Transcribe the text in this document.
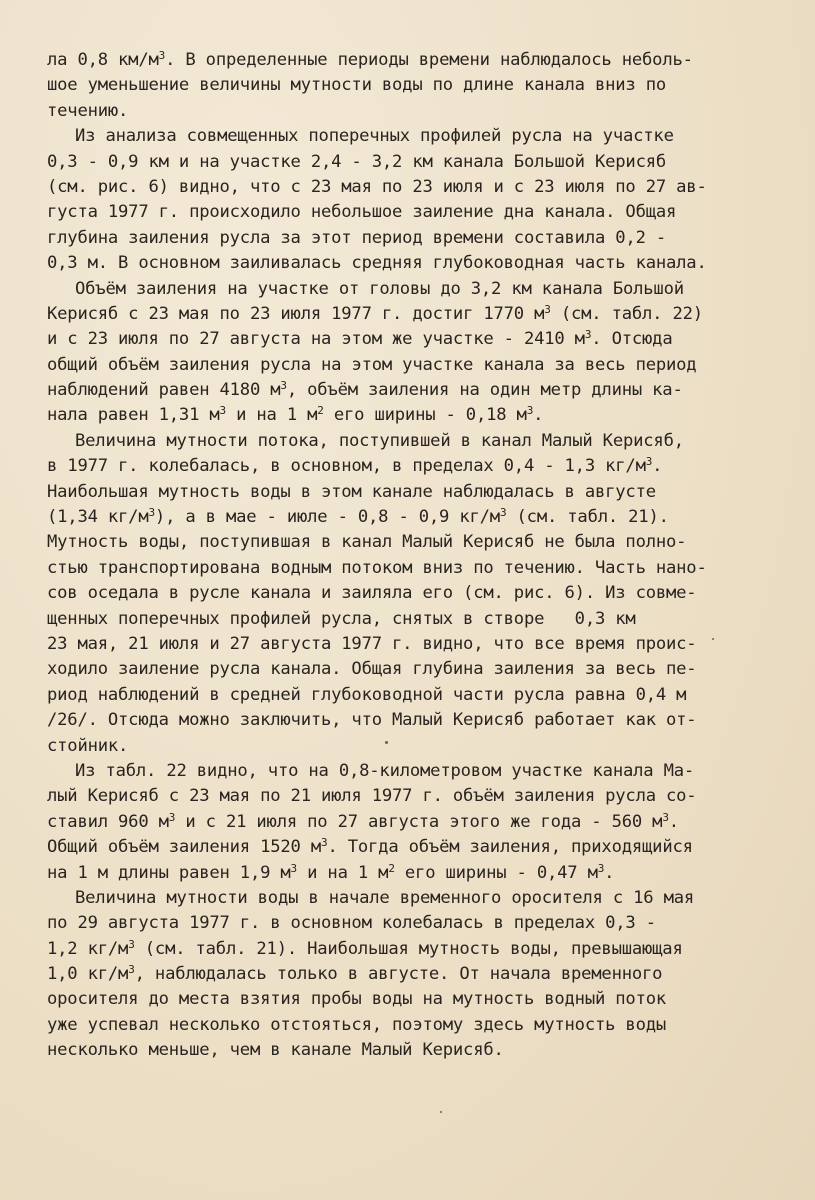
ла 0,8 $км/м^3$. В определенные периоды времени наблюдалось неболь-
шое уменьшение величины мутности воды по длине канала вниз по
течению.
Из анализа совмещенных поперечных профилей русла на участке
0,3 - 0,9 км и на участке 2,4 - 3,2 км канала Большой Керисяб
(см. рис. 6) видно, что с 23 мая по 23 июля и с 23 июля по 27 ав-
густа 1977 г. происходило небольшое заиление дна канала. Общая
глубина заиления русла за этот период времени составила 0,2 -
0,3 м. В основном заиливалась средняя глубоководная часть канала.
Объём заиления на участке от головы до 3,2 км канала Большой
Керисяб с 23 мая по 23 июля 1977 г. достиг 1770 $м^3$ (см. табл. 22)
и с 23 июля по 27 августа на этом же участке - 2410 $м^3$. Отсюда
общий объём заиления русла на этом участке канала за весь период
наблюдений равен 4180 $м^3$, объём заиления на один метр длины ка-
нала равен 1,31 $м^3$ и на 1 $м^2$ его ширины - 0,18 $м^3$.
Величина мутности потока, поступившей в канал Малый Керисяб,
в 1977 г. колебалась, в основном, в пределах 0,4 - 1,3 $кг/м^3$.
Наибольшая мутность воды в этом канале наблюдалась в августе
(1,34 $кг/м^3$), а в мае - июле - 0,8 - 0,9 $кг/м^3$ (см. табл. 21).
Мутность воды, поступившая в канал Малый Керисяб не была полно-
стью транспортирована водным потоком вниз по течению. Часть нано-
сов оседала в русле канала и заиляла его (см. рис. 6). Из совме-
щенных поперечных профилей русла, снятых в створе   0,3 км
23 мая, 21 июля и 27 августа 1977 г. видно, что все время проис-
ходило заиление русла канала. Общая глубина заиления за весь пе-
риод наблюдений в средней глубоководной части русла равна 0,4 м
/26/. Отсюда можно заключить, что Малый Керисяб работает как от-
стойник.
Из табл. 22 видно, что на 0,8-километровом участке канала Ма-
лый Керисяб с 23 мая по 21 июля 1977 г. объём заиления русла со-
ставил 960 $м^3$ и с 21 июля по 27 августа этого же года - 560 $м^3$.
Общий объём заиления 1520 $м^3$. Тогда объём заиления, приходящийся
на 1 м длины равен 1,9 $м^3$ и на 1 $м^2$ его ширины - 0,47 $м^3$.
Величина мутности воды в начале временного оросителя с 16 мая
по 29 августа 1977 г. в основном колебалась в пределах 0,3 -
1,2 $кг/м^3$ (см. табл. 21). Наибольшая мутность воды, превышающая
1,0 $кг/м^3$, наблюдалась только в августе. От начала временного
оросителя до места взятия пробы воды на мутность водный поток
уже успевал несколько отстояться, поэтому здесь мутность воды
несколько меньше, чем в канале Малый Керисяб.
